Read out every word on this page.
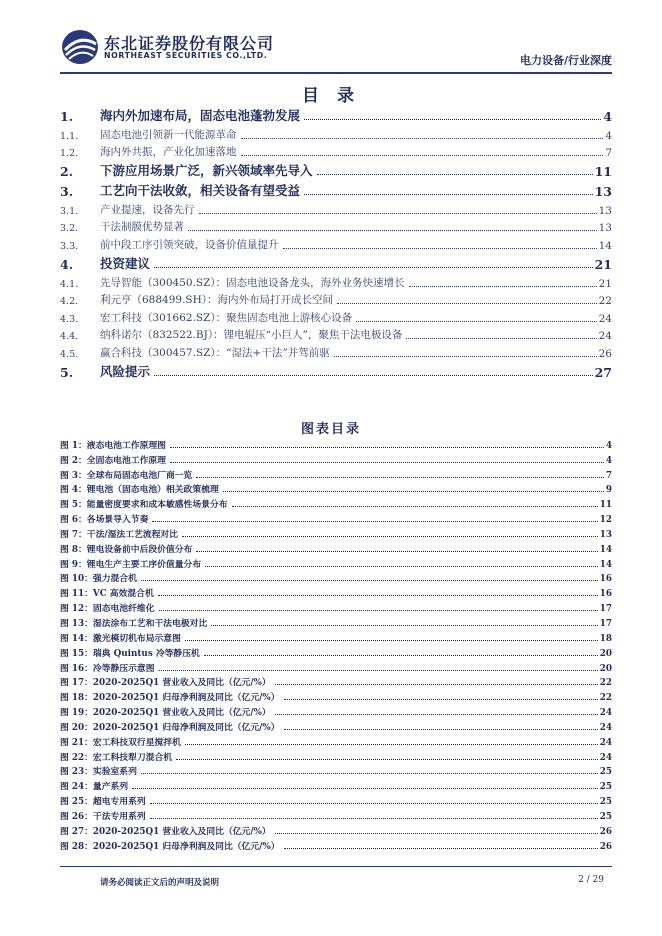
东北证券股份有限公司
NORTHEAST SECURITIES CO.,LTD.	电力设备/行业深度
目 录
1.	海内外加速布局，固态电池蓬勃发展	4
1.1.	固态电池引领新一代能源革命	4
1.2.	海内外共振，产业化加速落地	7
2.	下游应用场景广泛，新兴领域率先导入	11
3.	工艺向干法收敛，相关设备有望受益	13
3.1.	产业提速，设备先行	13
3.2.	干法制膜优势显著	13
3.3.	前中段工序引领突破，设备价值量提升	14
4.	投资建议	21
4.1.	先导智能（300450.SZ）：固态电池设备龙头，海外业务快速增长	21
4.2.	利元亨（688499.SH）：海内外布局打开成长空间	22
4.3.	宏工科技（301662.SZ）：聚焦固态电池上游核心设备	24
4.4.	纳科诺尔（832522.BJ）：锂电辊压“小巨人”，聚焦干法电极设备	24
4.5.	赢合科技（300457.SZ）：“湿法+干法”并驾前驱	26
5.	风险提示	27
图表目录
图 1： 液态电池工作原理图	4
图 2： 全固态电池工作原理	4
图 3： 全球布局固态电池厂商一览	7
图 4： 锂电池（固态电池）相关政策梳理	9
图 5： 能量密度要求和成本敏感性场景分布	11
图 6： 各场景导入节奏	12
图 7： 干法/湿法工艺流程对比	13
图 8： 锂电设备前中后段价值分布	14
图 9： 锂电生产主要工序价值量分布	14
图 10： 强力混合机	16
图 11： VC 高效混合机	16
图 12： 固态电池纤维化	17
图 13： 湿法涂布工艺和干法电极对比	17
图 14： 激光模切机布局示意图	18
图 15： 瑞典 Quintus 冷等静压机	20
图 16： 冷等静压示意图	20
图 17： 2020-2025Q1 营业收入及同比（亿元/%）	22
图 18： 2020-2025Q1 归母净利润及同比（亿元/%）	22
图 19： 2020-2025Q1 营业收入及同比（亿元/%）	24
图 20： 2020-2025Q1 归母净利润及同比（亿元/%）	24
图 21： 宏工科技双行星搅拌机	24
图 22： 宏工科技犁刀混合机	24
图 23： 实验室系列	25
图 24： 量产系列	25
图 25： 超电专用系列	25
图 26： 干法专用系列	25
图 27： 2020-2025Q1 营业收入及同比（亿元/%）	26
图 28： 2020-2025Q1 归母净利润及同比（亿元/%）	26
请务必阅读正文后的声明及说明	2 / 29
